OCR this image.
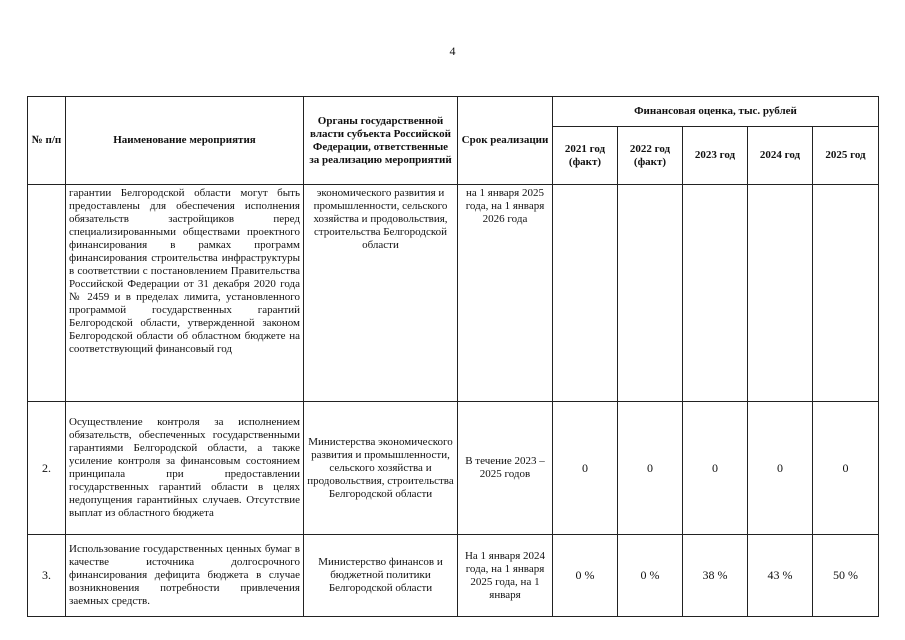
4
№ п/п	Наименование мероприятия	Органы государственной власти субъекта Российской Федерации, ответственные за реализацию мероприятий	Срок реализации	Финансовая оценка, тыс. рублей				
				2021 год (факт)	2022 год (факт)	2023 год	2024 год	2025 год
	гарантии Белгородской области могут быть предоставлены для обеспечения исполнения обязательств застройщиков перед специализированными обществами проектного финансирования в рамках программ финансирования строительства инфраструктуры в соответствии с постановлением Правительства Российской Федерации от 31 декабря 2020 года № 2459 и в пределах лимита, установленного программой государственных гарантий Белгородской области, утвержденной законом Белгородской области об областном бюджете на соответствующий финансовый год	экономического развития и промышленности, сельского хозяйства и продовольствия, строительства Белгородской области	на 1 января 2025 года, на 1 января 2026 года					
2.	Осуществление контроля за исполнением обязательств, обеспеченных государственными гарантиями Белгородской области, а также усиление контроля за финансовым состоянием принципала при предоставлении государственных гарантий области в целях недопущения гарантийных случаев. Отсутствие выплат из областного бюджета	Министерства экономического развития и промышленности, сельского хозяйства и продовольствия, строительства Белгородской области	В течение 2023 – 2025 годов	0	0	0	0	0
3.	Использование государственных ценных бумаг в качестве источника долгосрочного финансирования дефицита бюджета в случае возникновения потребности привлечения заемных средств.	Министерство финансов и бюджетной политики Белгородской области	На 1 января 2024 года, на 1 января 2025 года, на 1 января	0 %	0 %	38 %	43 %	50 %
